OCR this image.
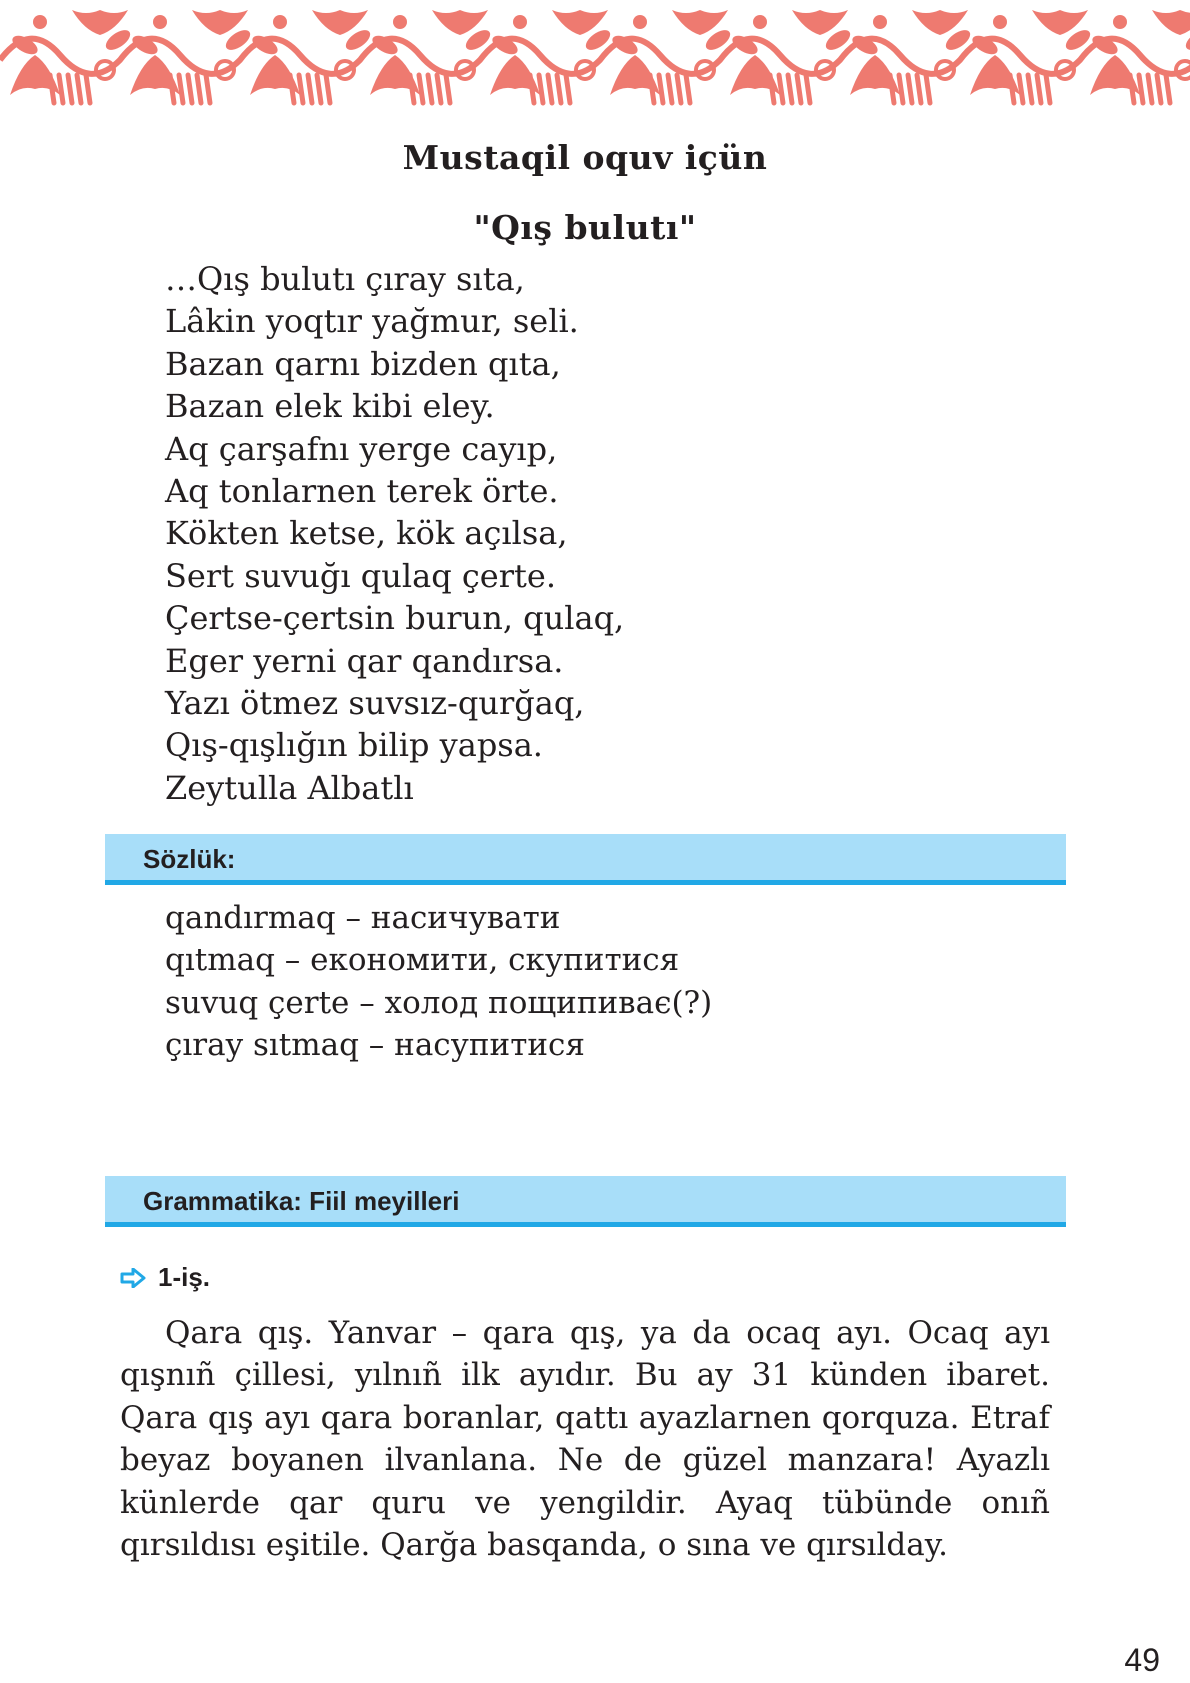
Mustaqil oquv içün
"Qış bulutı"
…Qış bulutı çıray sıta,
Lâkin yoqtır yağmur, seli.
Bazan qarnı bizden qıta,
Bazan elek kibi eley.
Aq çarşafnı yerge cayıp,
Aq tonlarnen terek örte.
Kökten ketse, kök açılsa,
Sert suvuğı qulaq çerte.
Çertse-çertsin burun, qulaq,
Eger yerni qar qandırsa.
Yazı ötmez suvsız-qurğaq,
Qış-qışlığın bilip yapsa.
Zeytulla Albatlı
Sözlük:
qandırmaq – насичувати
qıtmaq – економити, скупитися
suvuq çerte – холод пощипиває(?)
çıray sıtmaq – насупитися
Grammatika: Fiil meyilleri
1-iş.

Qara qış. Yanvar – qara qış, ya da ocaq ayı. Ocaq ayı qışnıñ çillesi, yılnıñ ilk ayıdır. Bu ay 31 künden ibaret. Qara qış ayı qara boranlar, qattı ayazlarnen qorquza. Etraf beyaz boyanen ilvanlana. Ne de güzel manzara! Ayazlı künlerde qar quru ve yengildir. Ayaq tübünde onıñ qırsıldısı eşitile. Qarğa basqanda, o sına ve qırsılday.

49
